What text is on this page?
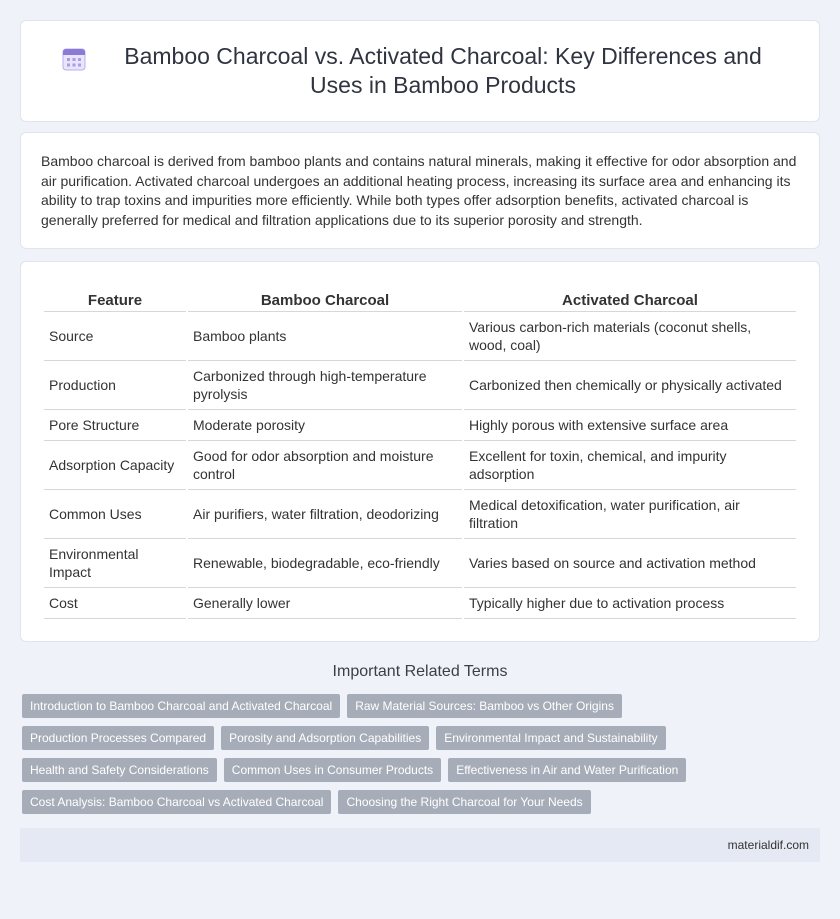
Bamboo Charcoal vs. Activated Charcoal: Key Differences and Uses in Bamboo Products
Bamboo charcoal is derived from bamboo plants and contains natural minerals, making it effective for odor absorption and air purification. Activated charcoal undergoes an additional heating process, increasing its surface area and enhancing its ability to trap toxins and impurities more efficiently. While both types offer adsorption benefits, activated charcoal is generally preferred for medical and filtration applications due to its superior porosity and strength.
Feature	Bamboo Charcoal	Activated Charcoal
Source	Bamboo plants	Various carbon-rich materials (coconut shells, wood, coal)
Production	Carbonized through high-temperature pyrolysis	Carbonized then chemically or physically activated
Pore Structure	Moderate porosity	Highly porous with extensive surface area
Adsorption Capacity	Good for odor absorption and moisture control	Excellent for toxin, chemical, and impurity adsorption
Common Uses	Air purifiers, water filtration, deodorizing	Medical detoxification, water purification, air filtration
Environmental Impact	Renewable, biodegradable, eco-friendly	Varies based on source and activation method
Cost	Generally lower	Typically higher due to activation process
Important Related Terms
Introduction to Bamboo Charcoal and Activated Charcoal	Raw Material Sources: Bamboo vs Other Origins
Production Processes Compared	Porosity and Adsorption Capabilities	Environmental Impact and Sustainability
Health and Safety Considerations	Common Uses in Consumer Products	Effectiveness in Air and Water Purification
Cost Analysis: Bamboo Charcoal vs Activated Charcoal	Choosing the Right Charcoal for Your Needs
materialdif.com
